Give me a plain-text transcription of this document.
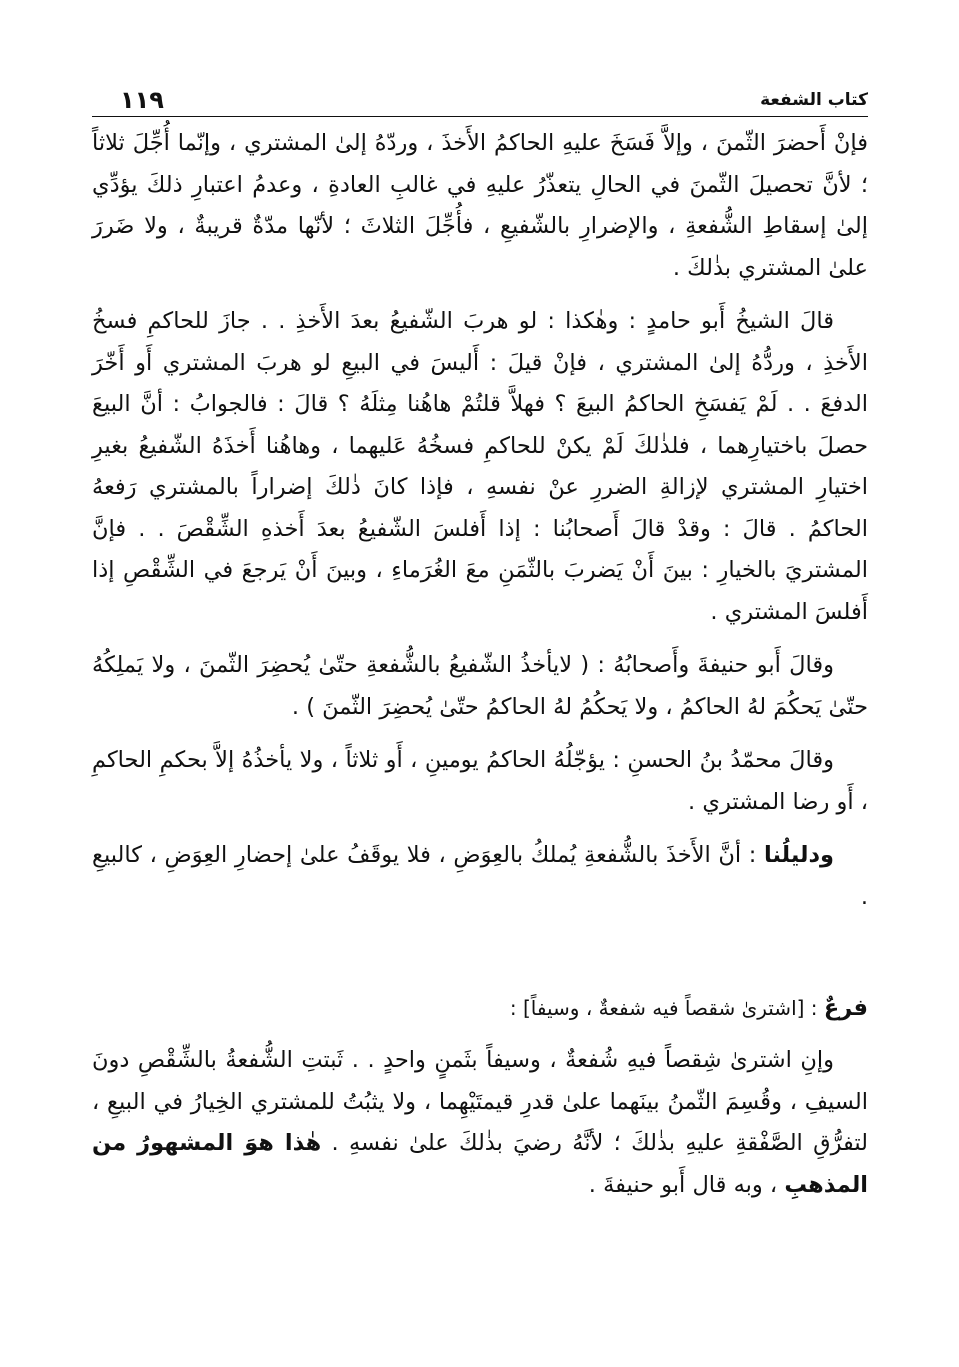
كتاب الشفعة
١١٩

فإنْ أَحضرَ الثّمنَ ، وإلاَّ فَسَخَ عليهِ الحاكمُ الأَخذَ ، وردّهُ إلىٰ المشتري ، وإنّما أُجِّلَ ثلاثاً ؛ لأنَّ تحصيلَ الثّمنَ في الحالِ يتعذّرُ عليهِ في غالبِ العادةِ ، وعدمُ اعتبارِ ذلكَ يؤدِّي إلىٰ إسقاطِ الشُّفعةِ ، والإضرارِ بالشّفيعِ ، فأُجِّلَ الثلاثَ ؛ لأنّها مدّةٌ قريبةٌ ، ولا ضَررَ علىٰ المشتري بذٰلكَ .

قالَ الشيخُ أَبو حامدٍ : وهٰكذا : لو هربَ الشّفيعُ بعدَ الأَخذِ . . جازَ للحاكمِ فسخُ الأَخذِ ، وردُّهُ إلىٰ المشتري ، فإنْ قيلَ : أَليسَ في البيعِ لو هربَ المشتري أَو أَخّرَ الدفعَ . . لَمْ يَفسَخِ الحاكمُ البيعَ ؟ فهلاَّ قلتُمْ هاهُنا مِثلَهُ ؟ قالَ : فالجوابُ : أنَّ البيعَ حصلَ باختيارِهما ، فلذٰلكَ لَمْ يكنْ للحاكمِ فسخُهُ عَليهما ، وهاهُنا أَخذَهُ الشّفيعُ بغيرِ اختيارِ المشتري لإزالةِ الضررِ عنْ نفسهِ ، فإذا كانَ ذٰلكَ إضراراً بالمشتري رَفعهُ الحاكمُ . قالَ : وقدْ قالَ أَصحابُنا : إذا أَفلسَ الشّفيعُ بعدَ أَخذهِ الشِّقْصَ . . فإنَّ المشتريَ بالخيارِ : بينَ أَنْ يَضربَ بالثّمَنِ معَ الغُرَماءِ ، وبينَ أَنْ يَرجعَ في الشِّقْصِ إذا أَفلسَ المشتري .

وقالَ أَبو حنيفةَ وأَصحابُهُ : ( لايأخذُ الشّفيعُ بالشُّفعةِ حتّىٰ يُحضِرَ الثّمنَ ، ولا يَملِكُهُ حتّىٰ يَحكُمَ لهُ الحاكمُ ، ولا يَحكُمُ لهُ الحاكمُ حتّىٰ يُحضِرَ الثّمنَ ) .

وقالَ محمّدُ بنُ الحسنِ : يؤجّلُهُ الحاكمُ يومينِ ، أَو ثلاثاً ، ولا يأخذُهُ إلاَّ بحكمِ الحاكمِ ، أَو رضا المشتري .

ودليلُنا : أنَّ الأَخذَ بالشُّفعةِ يُملكُ بالعِوَضِ ، فلا يوقَفُ علىٰ إحضارِ العِوَضِ ، كالبيعِ .

فرعٌ : [اشترىٰ شقصاً فيه شفعةٌ ، وسيفاً] :

وإنِ اشترىٰ شِقصاً فيهِ شُفعةٌ ، وسيفاً بثَمنٍ واحدٍ . . ثَبتتِ الشُّفعةُ بالشِّقْصِ دونَ السيفِ ، وقُسِمَ الثّمنُ بينَهما علىٰ قدرِ قيمتَيْهِما ، ولا يثبُتُ للمشتري الخِيارُ في البيعِ ، لتفرُّقِ الصَّفْقةِ عليهِ بذٰلكَ ؛ لأنَّهُ رضيَ بذٰلكَ علىٰ نفسهِ . هٰذا هوَ المشهورُ من المذهبِ ، وبه قال أَبو حنيفةَ .
